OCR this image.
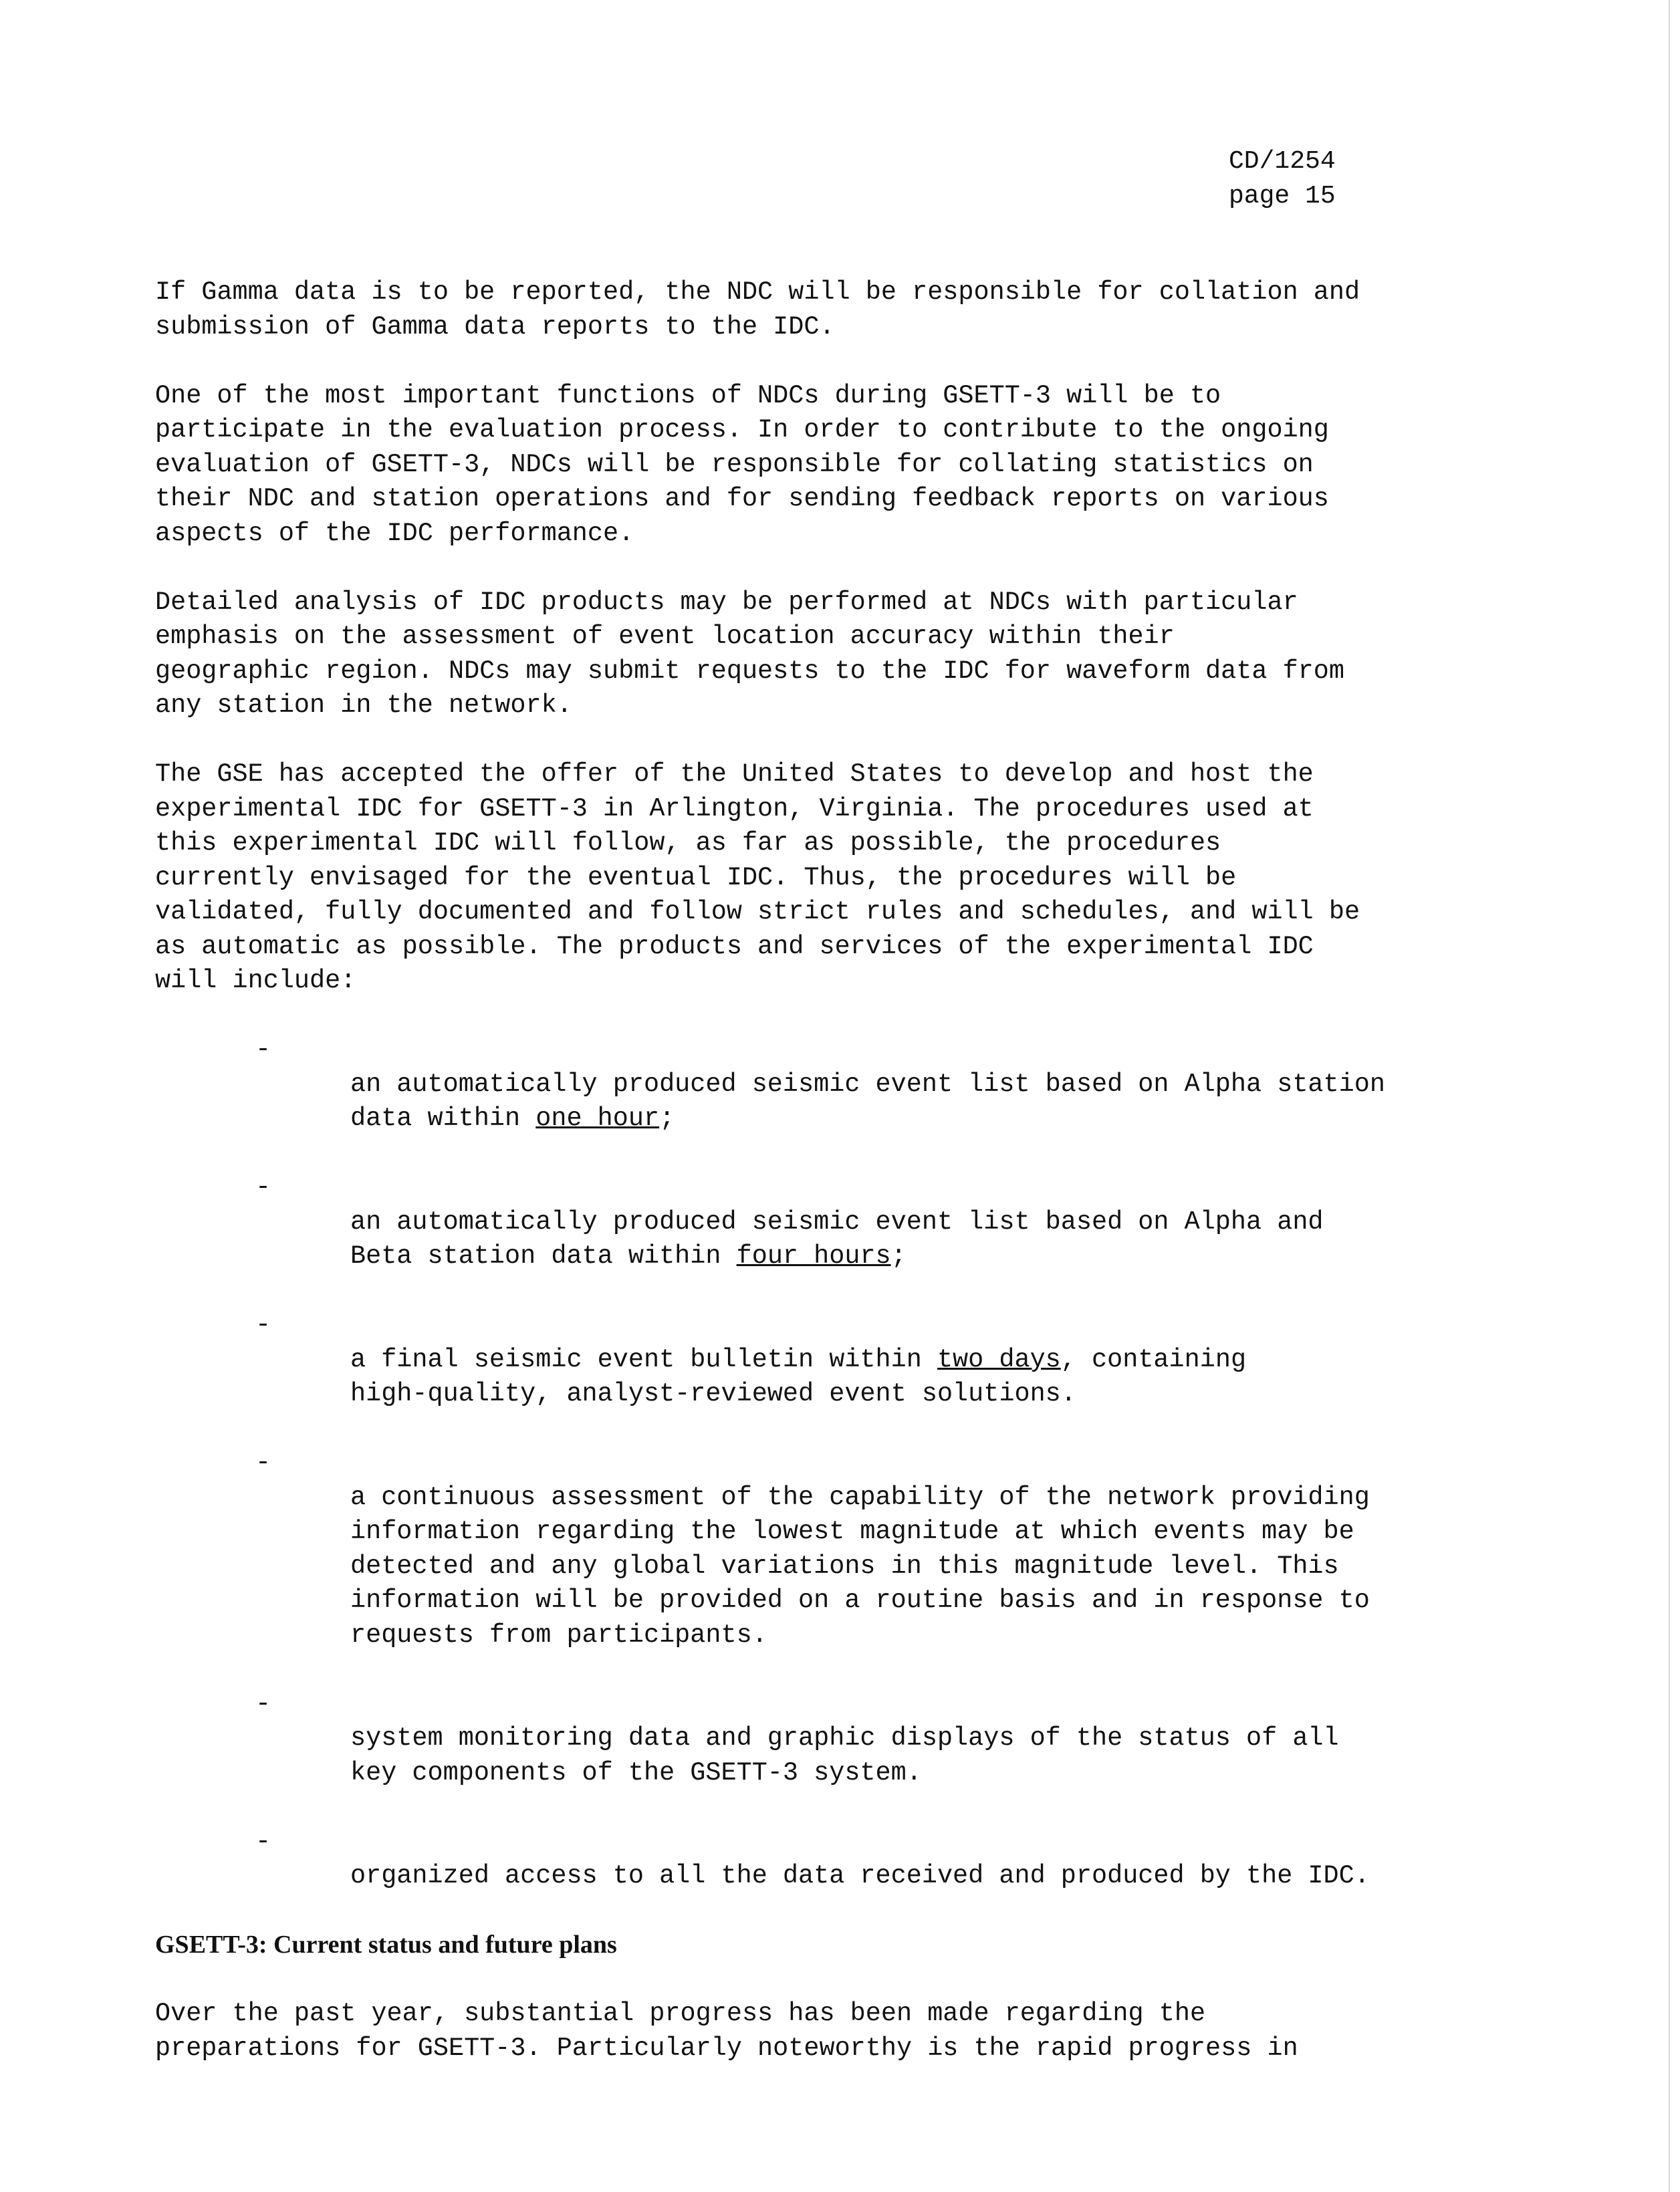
CD/1254
page 15

If Gamma data is to be reported, the NDC will be responsible for collation and
submission of Gamma data reports to the IDC.

One of the most important functions of NDCs during GSETT-3 will be to
participate in the evaluation process. In order to contribute to the ongoing
evaluation of GSETT-3, NDCs will be responsible for collating statistics on
their NDC and station operations and for sending feedback reports on various
aspects of the IDC performance.

Detailed analysis of IDC products may be performed at NDCs with particular
emphasis on the assessment of event location accuracy within their
geographic region. NDCs may submit requests to the IDC for waveform data from
any station in the network.

The GSE has accepted the offer of the United States to develop and host the
experimental IDC for GSETT-3 in Arlington, Virginia. The procedures used at
this experimental IDC will follow, as far as possible, the procedures
currently envisaged for the eventual IDC. Thus, the procedures will be
validated, fully documented and follow strict rules and schedules, and will be
as automatic as possible. The products and services of the experimental IDC
will include:

-
an automatically produced seismic event list based on Alpha station
data within one hour;

-
an automatically produced seismic event list based on Alpha and
Beta station data within four hours;

-
a final seismic event bulletin within two days, containing
high-quality, analyst-reviewed event solutions.

-
a continuous assessment of the capability of the network providing
information regarding the lowest magnitude at which events may be
detected and any global variations in this magnitude level. This
information will be provided on a routine basis and in response to
requests from participants.

-
system monitoring data and graphic displays of the status of all
key components of the GSETT-3 system.

-
organized access to all the data received and produced by the IDC.

GSETT-3: Current status and future plans

Over the past year, substantial progress has been made regarding the
preparations for GSETT-3. Particularly noteworthy is the rapid progress in
